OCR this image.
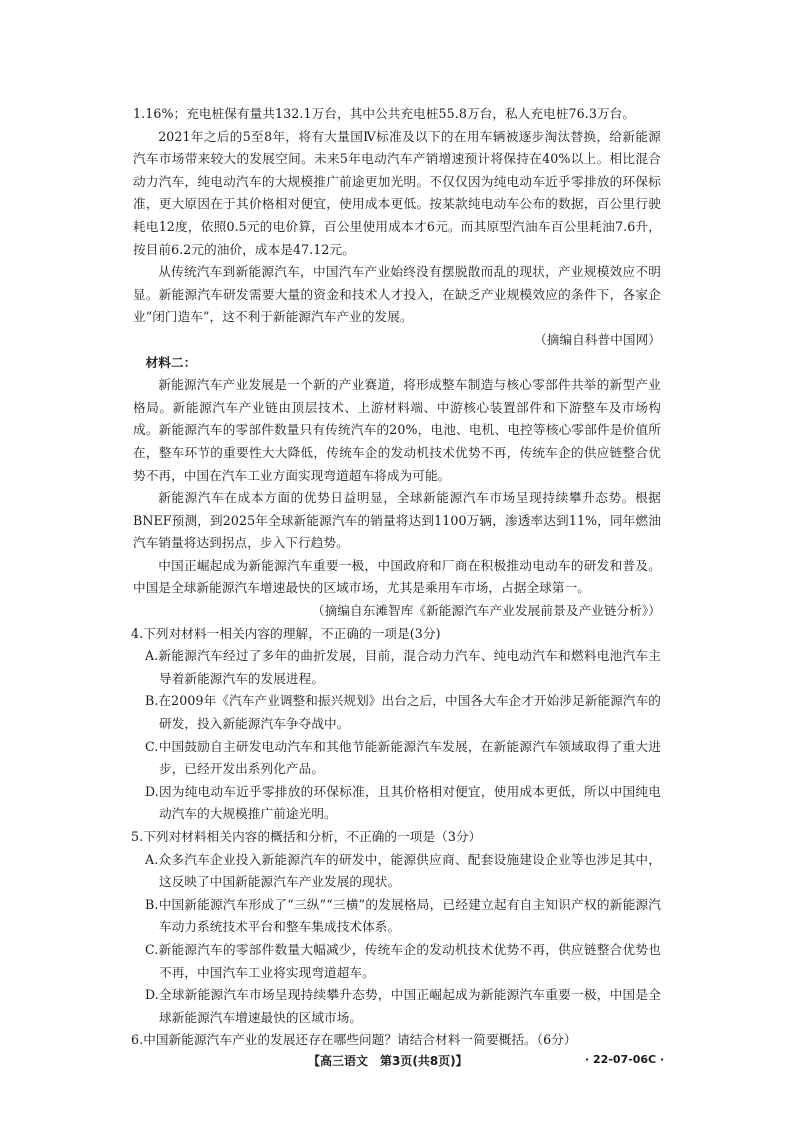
1.16%；充电桩保有量共132.1万台，其中公共充电桩55.8万台，私人充电桩76.3万台。

2021年之后的5至8年，将有大量国Ⅳ标准及以下的在用车辆被逐步淘汰替换，给新能源汽车市场带来较大的发展空间。未来5年电动汽车产销增速预计将保持在40%以上。相比混合动力汽车，纯电动汽车的大规模推广前途更加光明。不仅仅因为纯电动车近乎零排放的环保标准，更大原因在于其价格相对便宜，使用成本更低。按某款纯电动车公布的数据，百公里行驶耗电12度，依照0.5元的电价算，百公里使用成本才6元。而其原型汽油车百公里耗油7.6升，按目前6.2元的油价，成本是47.12元。

从传统汽车到新能源汽车，中国汽车产业始终没有摆脱散而乱的现状，产业规模效应不明显。新能源汽车研发需要大量的资金和技术人才投入，在缺乏产业规模效应的条件下，各家企业“闭门造车”，这不利于新能源汽车产业的发展。

（摘编自科普中国网）

材料二：

新能源汽车产业发展是一个新的产业赛道，将形成整车制造与核心零部件共举的新型产业格局。新能源汽车产业链由顶层技术、上游材料端、中游核心装置部件和下游整车及市场构成。新能源汽车的零部件数量只有传统汽车的20%，电池、电机、电控等核心零部件是价值所在，整车环节的重要性大大降低，传统车企的发动机技术优势不再，传统车企的供应链整合优势不再，中国在汽车工业方面实现弯道超车将成为可能。

新能源汽车在成本方面的优势日益明显，全球新能源汽车市场呈现持续攀升态势。根据BNEF预测，到2025年全球新能源汽车的销量将达到1100万辆，渗透率达到11%，同年燃油汽车销量将达到拐点，步入下行趋势。

中国正崛起成为新能源汽车重要一极，中国政府和厂商在积极推动电动车的研发和普及。中国是全球新能源汽车增速最快的区域市场，尤其是乘用车市场，占据全球第一。

（摘编自东滩智库《新能源汽车产业发展前景及产业链分析》）

4.下列对材料一相关内容的理解，不正确的一项是(3分)

A.新能源汽车经过了多年的曲折发展，目前，混合动力汽车、纯电动汽车和燃料电池汽车主导着新能源汽车的发展进程。

B.在2009年《汽车产业调整和振兴规划》出台之后，中国各大车企才开始涉足新能源汽车的研发，投入新能源汽车争夺战中。

C.中国鼓励自主研发电动汽车和其他节能新能源汽车发展，在新能源汽车领域取得了重大进步，已经开发出系列化产品。

D.因为纯电动车近乎零排放的环保标准，且其价格相对便宜，使用成本更低，所以中国纯电动汽车的大规模推广前途光明。

5.下列对材料相关内容的概括和分析，不正确的一项是（3分）

A.众多汽车企业投入新能源汽车的研发中，能源供应商、配套设施建设企业等也涉足其中，这反映了中国新能源汽车产业发展的现状。

B.中国新能源汽车形成了“三纵”“三横”的发展格局，已经建立起有自主知识产权的新能源汽车动力系统技术平台和整车集成技术体系。

C.新能源汽车的零部件数量大幅减少，传统车企的发动机技术优势不再，供应链整合优势也不再，中国汽车工业将实现弯道超车。

D.全球新能源汽车市场呈现持续攀升态势，中国正崛起成为新能源汽车重要一极，中国是全球新能源汽车增速最快的区域市场。

6.中国新能源汽车产业的发展还存在哪些问题？请结合材料一简要概括。（6分）

【高三语文　第3页(共8页)】	· 22-07-06C ·
